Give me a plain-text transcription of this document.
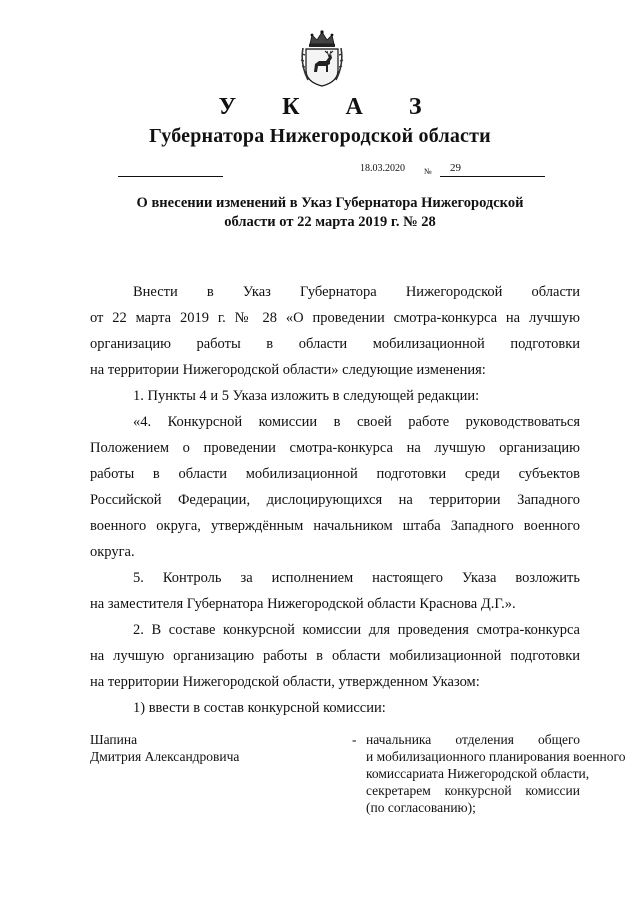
У К А З
Губернатора Нижегородской области
18.03.2020 № 29
О внесении изменений в Указ Губернатора Нижегородской
области от 22 марта 2019 г. № 28
Внести в Указ Губернатора Нижегородской области
от 22 марта 2019 г. № 28 «О проведении смотра-конкурса на лучшую
организацию работы в области мобилизационной подготовки
на территории Нижегородской области» следующие изменения:
1. Пункты 4 и 5 Указа изложить в следующей редакции:
«4. Конкурсной комиссии в своей работе руководствоваться
Положением о проведении смотра-конкурса на лучшую организацию
работы в области мобилизационной подготовки среди субъектов
Российской Федерации, дислоцирующихся на территории Западного
военного округа, утверждённым начальником штаба Западного военного
округа.
5. Контроль за исполнением настоящего Указа возложить
на заместителя Губернатора Нижегородской области Краснова Д.Г.».
2. В составе конкурсной комиссии для проведения смотра-конкурса
на лучшую организацию работы в области мобилизационной подготовки
на территории Нижегородской области, утвержденном Указом:
1) ввести в состав конкурсной комиссии:
Шапина
Дмитрия Александровича
- начальника отделения общего
и мобилизационного планирования военного
комиссариата Нижегородской области,
секретарем конкурсной комиссии
(по согласованию);
